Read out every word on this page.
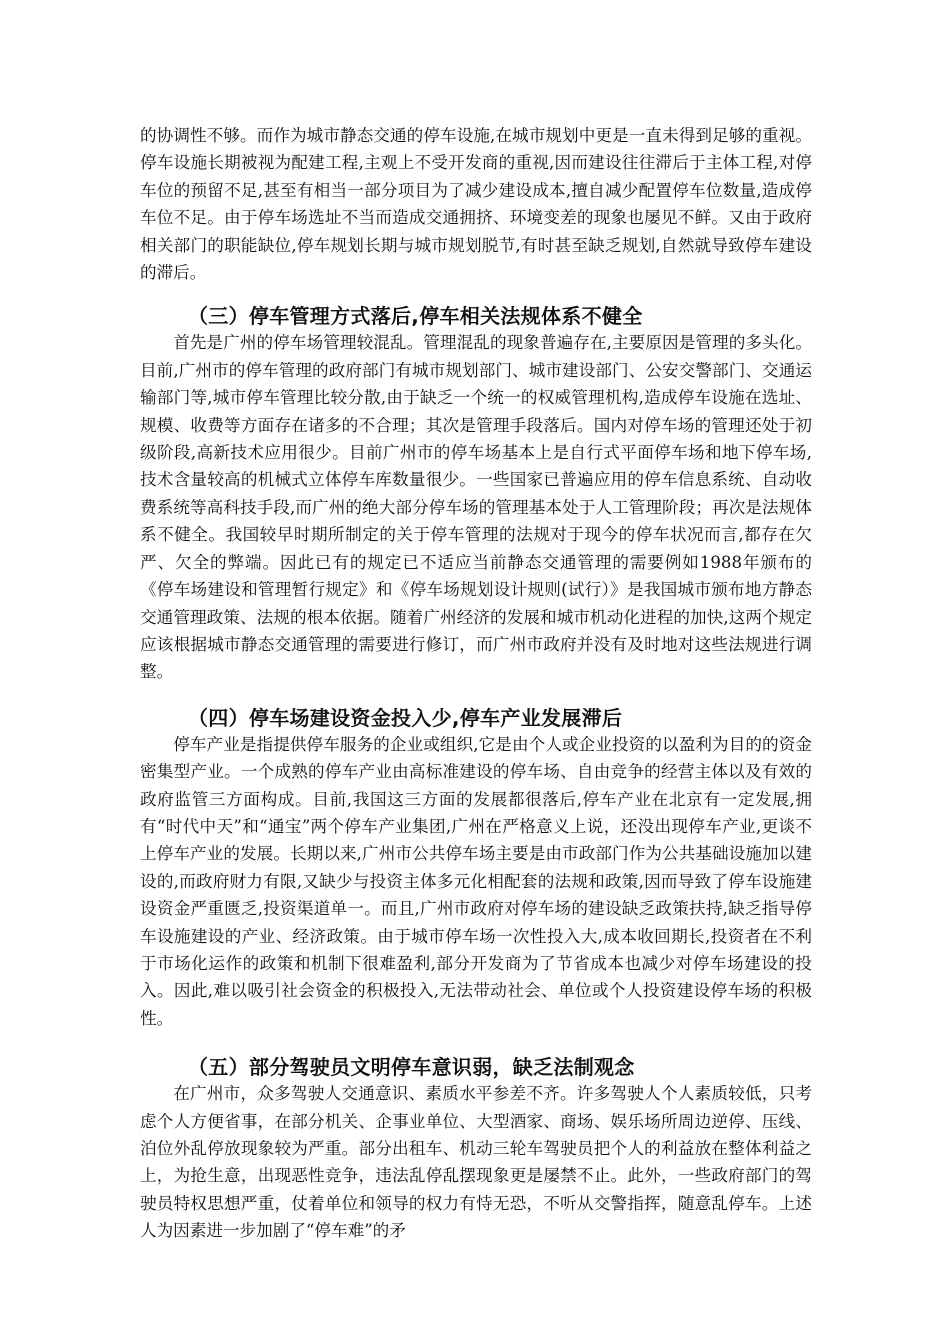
的协调性不够。而作为城市静态交通的停车设施,在城市规划中更是一直未得到足够的重视。停车设施长期被视为配建工程,主观上不受开发商的重视,因而建设往往滞后于主体工程,对停车位的预留不足,甚至有相当一部分项目为了减少建设成本,擅自减少配置停车位数量,造成停车位不足。由于停车场选址不当而造成交通拥挤、环境变差的现象也屡见不鲜。又由于政府相关部门的职能缺位,停车规划长期与城市规划脱节,有时甚至缺乏规划,自然就导致停车建设的滞后。

（三）停车管理方式落后,停车相关法规体系不健全

首先是广州的停车场管理较混乱。管理混乱的现象普遍存在,主要原因是管理的多头化。目前,广州市的停车管理的政府部门有城市规划部门、城市建设部门、公安交警部门、交通运输部门等,城市停车管理比较分散,由于缺乏一个统一的权威管理机构,造成停车设施在选址、规模、收费等方面存在诸多的不合理；其次是管理手段落后。国内对停车场的管理还处于初级阶段,高新技术应用很少。目前广州市的停车场基本上是自行式平面停车场和地下停车场,技术含量较高的机械式立体停车库数量很少。一些国家已普遍应用的停车信息系统、自动收费系统等高科技手段,而广州的绝大部分停车场的管理基本处于人工管理阶段；再次是法规体系不健全。我国较早时期所制定的关于停车管理的法规对于现今的停车状况而言,都存在欠严、欠全的弊端。因此已有的规定已不适应当前静态交通管理的需要例如1988年颁布的《停车场建设和管理暂行规定》和《停车场规划设计规则(试行）》是我国城市颁布地方静态交通管理政策、法规的根本依据。随着广州经济的发展和城市机动化进程的加快,这两个规定应该根据城市静态交通管理的需要进行修订，而广州市政府并没有及时地对这些法规进行调整。

（四）停车场建设资金投入少,停车产业发展滞后

停车产业是指提供停车服务的企业或组织,它是由个人或企业投资的以盈利为目的的资金密集型产业。一个成熟的停车产业由高标准建设的停车场、自由竞争的经营主体以及有效的政府监管三方面构成。目前,我国这三方面的发展都很落后,停车产业在北京有一定发展,拥有“时代中天”和“通宝”两个停车产业集团,广州在严格意义上说，还没出现停车产业,更谈不上停车产业的发展。长期以来,广州市公共停车场主要是由市政部门作为公共基础设施加以建设的,而政府财力有限,又缺少与投资主体多元化相配套的法规和政策,因而导致了停车设施建设资金严重匮乏,投资渠道单一。而且,广州市政府对停车场的建设缺乏政策扶持,缺乏指导停车设施建设的产业、经济政策。由于城市停车场一次性投入大,成本收回期长,投资者在不利于市场化运作的政策和机制下很难盈利,部分开发商为了节省成本也减少对停车场建设的投入。因此,难以吸引社会资金的积极投入,无法带动社会、单位或个人投资建设停车场的积极性。

（五）部分驾驶员文明停车意识弱，缺乏法制观念

在广州市，众多驾驶人交通意识、素质水平参差不齐。许多驾驶人个人素质较低，只考虑个人方便省事，在部分机关、企事业单位、大型酒家、商场、娱乐场所周边逆停、压线、泊位外乱停放现象较为严重。部分出租车、机动三轮车驾驶员把个人的利益放在整体利益之上，为抢生意，出现恶性竞争，违法乱停乱摆现象更是屡禁不止。此外，一些政府部门的驾驶员特权思想严重，仗着单位和领导的权力有恃无恐，不听从交警指挥，随意乱停车。上述人为因素进一步加剧了“停车难”的矛
